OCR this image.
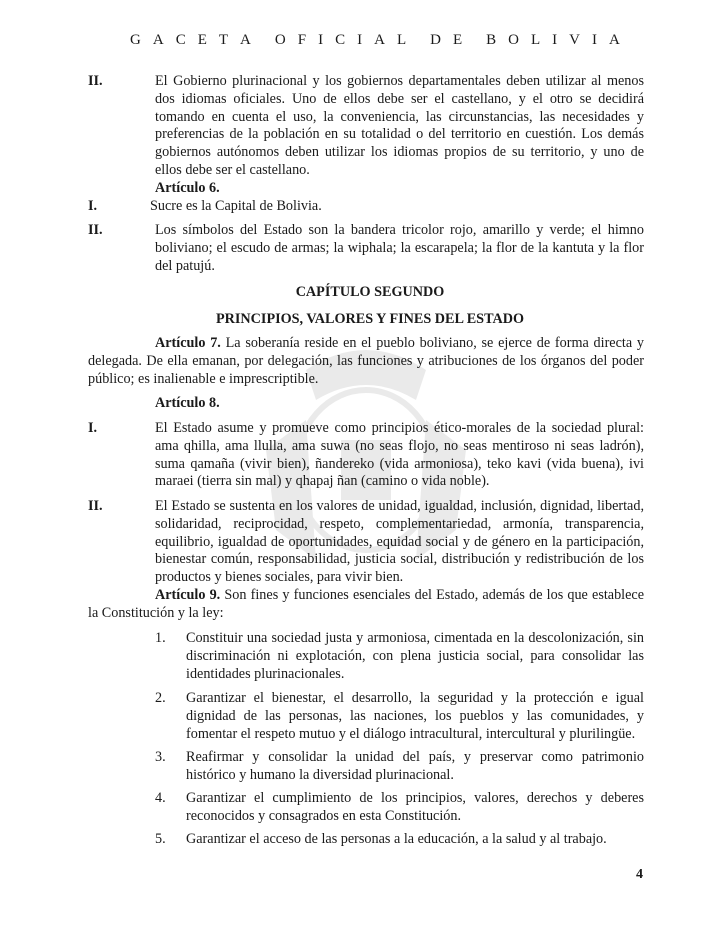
G A C E T A O F I C I A L D E B O L I V I A
II.	El Gobierno plurinacional y los gobiernos departamentales deben utilizar al menos dos idiomas oficiales. Uno de ellos debe ser el castellano, y el otro se decidirá tomando en cuenta el uso, la conveniencia, las circunstancias, las necesidades y preferencias de la población en su totalidad o del territorio en cuestión. Los demás gobiernos autónomos deben utilizar los idiomas propios de su territorio, y uno de ellos debe ser el castellano.
Artículo 6.
I.	Sucre es la Capital de Bolivia.
II.	Los símbolos del Estado son la bandera tricolor rojo, amarillo y verde; el himno boliviano; el escudo de armas; la wiphala; la escarapela; la flor de la kantuta y la flor del patujú.
CAPÍTULO SEGUNDO
PRINCIPIOS, VALORES Y FINES DEL ESTADO
Artículo 7. La soberanía reside en el pueblo boliviano, se ejerce de forma directa y delegada. De ella emanan, por delegación, las funciones y atribuciones de los órganos del poder público; es inalienable e imprescriptible.
Artículo 8.
I.	El Estado asume y promueve como principios ético-morales de la sociedad plural: ama qhilla, ama llulla, ama suwa (no seas flojo, no seas mentiroso ni seas ladrón), suma qamaña (vivir bien), ñandereko (vida armoniosa), teko kavi (vida buena), ivi maraei (tierra sin mal) y qhapaj ñan (camino o vida noble).
II.	El Estado se sustenta en los valores de unidad, igualdad, inclusión, dignidad, libertad, solidaridad, reciprocidad, respeto, complementariedad, armonía, transparencia, equilibrio, igualdad de oportunidades, equidad social y de género en la participación, bienestar común, responsabilidad, justicia social, distribución y redistribución de los productos y bienes sociales, para vivir bien.
Artículo 9. Son fines y funciones esenciales del Estado, además de los que establece la Constitución y la ley:
1. Constituir una sociedad justa y armoniosa, cimentada en la descolonización, sin discriminación ni explotación, con plena justicia social, para consolidar las identidades plurinacionales.
2. Garantizar el bienestar, el desarrollo, la seguridad y la protección e igual dignidad de las personas, las naciones, los pueblos y las comunidades, y fomentar el respeto mutuo y el diálogo intracultural, intercultural y plurilingüe.
3. Reafirmar y consolidar la unidad del país, y preservar como patrimonio histórico y humano la diversidad plurinacional.
4. Garantizar el cumplimiento de los principios, valores, derechos y deberes reconocidos y consagrados en esta Constitución.
5. Garantizar el acceso de las personas a la educación, a la salud y al trabajo.
4
